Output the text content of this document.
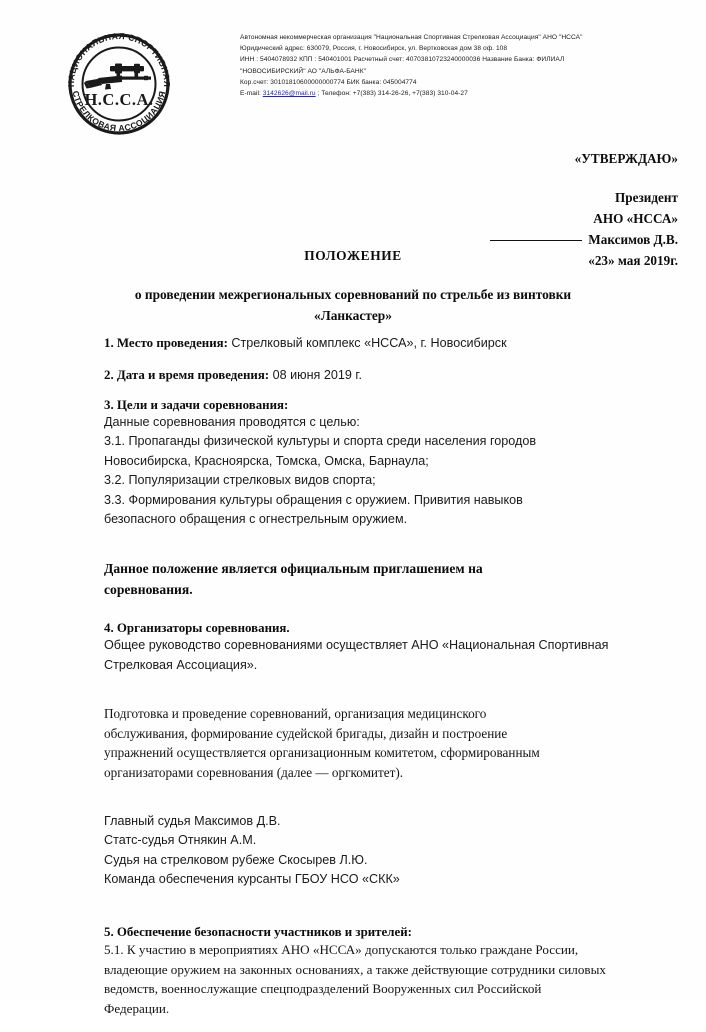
НАЦИОНАЛЬНАЯ СПОРТИВНАЯ
СТРЕЛКОВАЯ АССОЦИАЦИЯ
Н.С.С.А.
Автономная некоммерческая организация "Национальная Спортивная Стрелковая Ассоциация" АНО "НССА"
Юридический адрес: 630079, Россия, г. Новосибирск, ул. Вертковская дом 38 оф. 108
ИНН : 5404078932 КПП : 540401001 Расчетный счет: 40703810723240000036 Название Банка: ФИЛИАЛ
"НОВОСИБИРСКИЙ" АО "АЛЬФА-БАНК"
Кор.счет: 30101810600000000774 БИК банка: 045004774
E-mail: 3142626@mail.ru ; Телефон: +7(383) 314-26-26, +7(383) 310-04-27
«УТВЕРЖДАЮ»
Президент
АНО «НССА»
Максимов Д.В.
«23» мая 2019г.
ПОЛОЖЕНИЕ
о проведении межрегиональных соревнований по стрельбе из винтовки
«Ланкастер»

1. Место проведения: Стрелковый комплекс «НССА», г. Новосибирск

2. Дата и время проведения: 08 июня 2019 г.

3. Цели и задачи соревнования:
Данные соревнования проводятся с целью:
3.1. Пропаганды физической культуры и спорта среди населения городов
Новосибирска, Красноярска, Томска, Омска, Барнаула;
3.2. Популяризации стрелковых видов спорта;
3.3. Формирования культуры обращения с оружием. Привития навыков
безопасного обращения с огнестрельным оружием.
Данное положение является официальным приглашением на
соревнования.
4. Организаторы соревнования.
Общее руководство соревнованиями осуществляет АНО «Национальная Спортивная
Стрелковая Ассоциация».
Подготовка и проведение соревнований, организация медицинского
обслуживания, формирование судейской бригады, дизайн и построение
упражнений осуществляется организационным комитетом, сформированным
организаторами соревнования (далее — оргкомитет).
Главный судья Максимов Д.В.
Статс-судья Отнякин А.М.
Судья на стрелковом рубеже Скосырев Л.Ю.
Команда обеспечения курсанты ГБОУ НСО «СКК»
5. Обеспечение безопасности участников и зрителей:
5.1. К участию в мероприятиях АНО «НССА» допускаются только граждане России,
владеющие оружием на законных основаниях, а также действующие сотрудники силовых
ведомств, военнослужащие спецподразделений Вооруженных сил Российской
Федерации.
